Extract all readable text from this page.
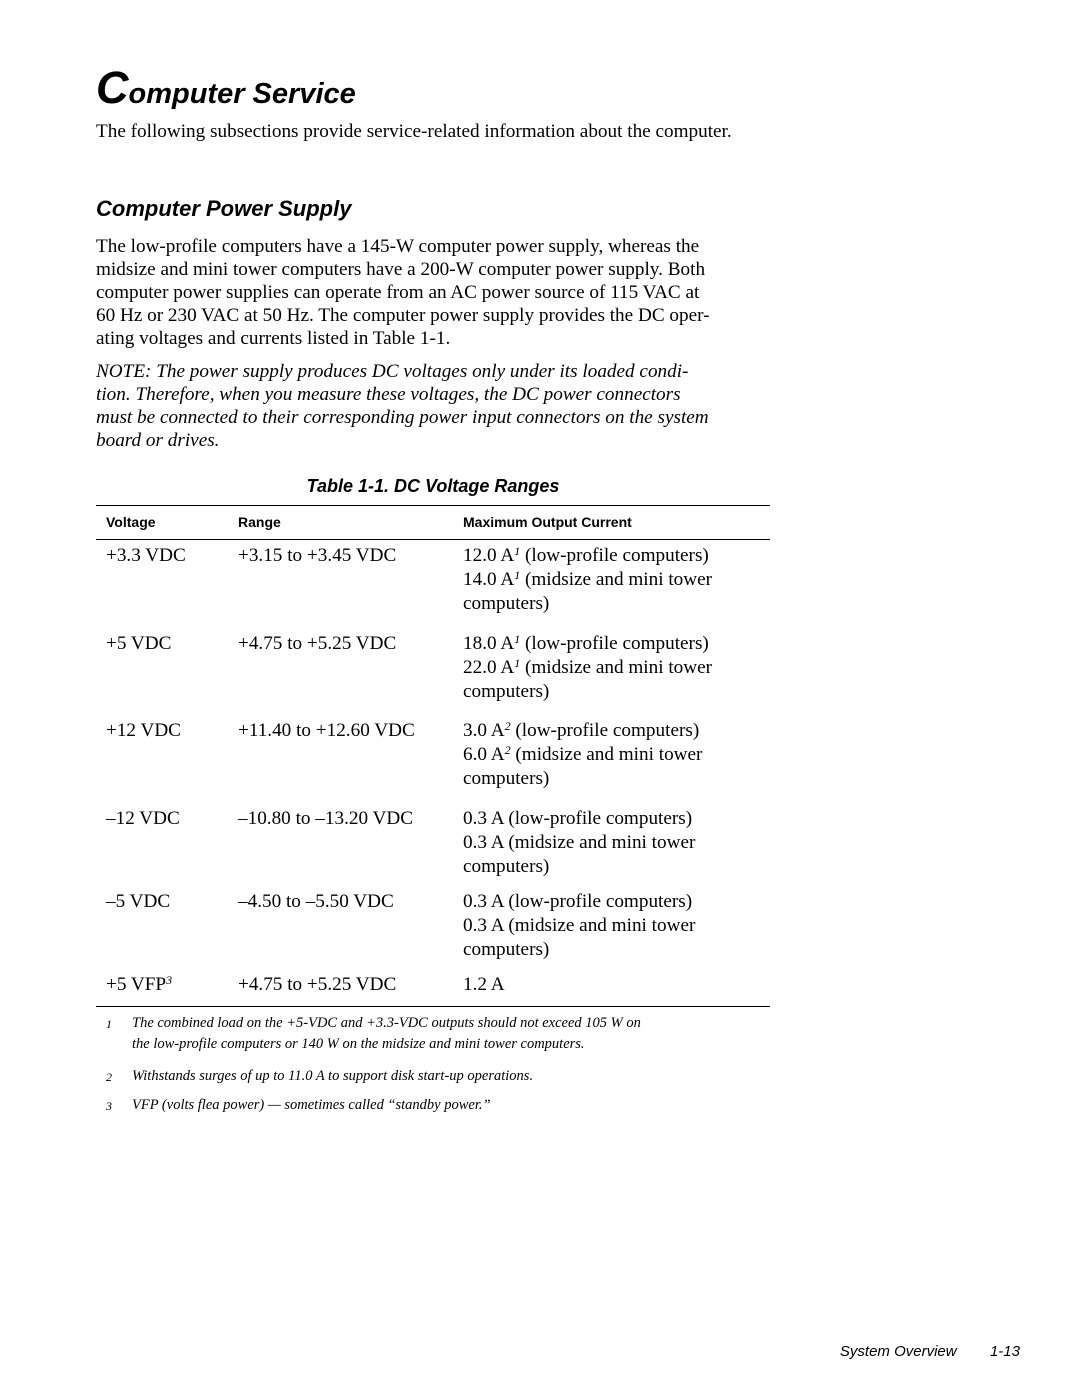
Computer Service

The following subsections provide service-related information about the computer.

Computer Power Supply

The low-profile computers have a 145-W computer power supply, whereas the
midsize and mini tower computers have a 200-W computer power supply. Both
computer power supplies can operate from an AC power source of 115 VAC at
60 Hz or 230 VAC at 50 Hz. The computer power supply provides the DC oper-
ating voltages and currents listed in Table 1-1.

NOTE: The power supply produces DC voltages only under its loaded condi-
tion. Therefore, when you measure these voltages, the DC power connectors
must be connected to their corresponding power input connectors on the system
board or drives.

Table 1-1. DC Voltage Ranges
Voltage	Range	Maximum Output Current
+3.3 VDC	+3.15 to +3.45 VDC	12.0 $A^1$ (low-profile computers)
14.0 $A^1$ (midsize and mini tower
computers)
+5 VDC	+4.75 to +5.25 VDC	18.0 $A^1$ (low-profile computers)
22.0 $A^1$ (midsize and mini tower
computers)
+12 VDC	+11.40 to +12.60 VDC	3.0 $A^2$ (low-profile computers)
6.0 $A^2$ (midsize and mini tower
computers)
–12 VDC	–10.80 to –13.20 VDC	0.3 A (low-profile computers)
0.3 A (midsize and mini tower
computers)
–5 VDC	–4.50 to –5.50 VDC	0.3 A (low-profile computers)
0.3 A (midsize and mini tower
computers)
+5 $VFP^3$	+4.75 to +5.25 VDC	1.2 A
1	The combined load on the +5-VDC and +3.3-VDC outputs should not exceed 105 W on
the low-profile computers or 140 W on the midsize and mini tower computers.
2	Withstands surges of up to 11.0 A to support disk start-up operations.
3	VFP (volts flea power) — sometimes called “standby power.”
System Overview 1-13
